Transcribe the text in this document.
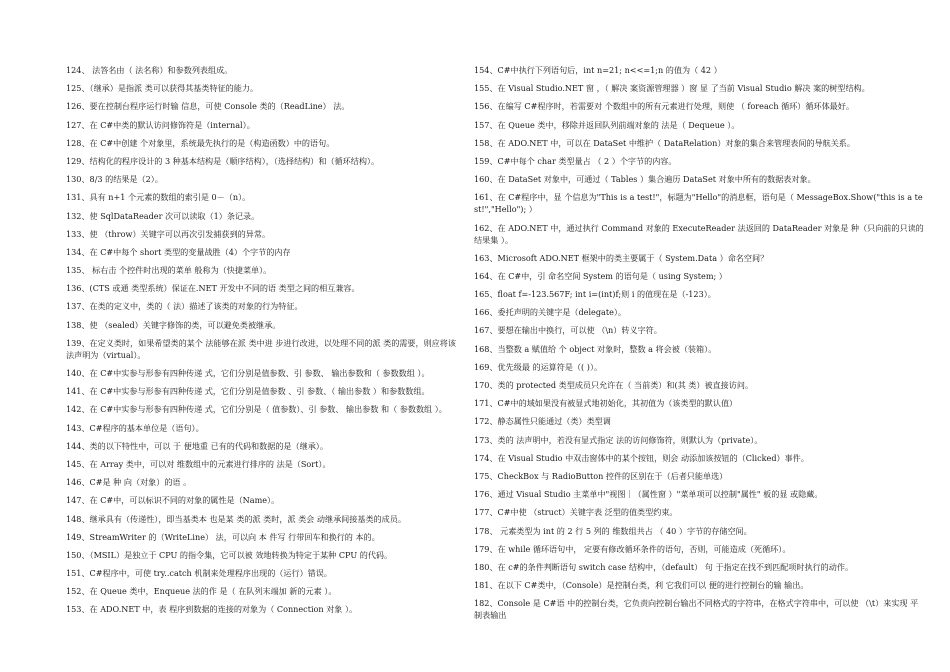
124、 法答名由（ 法名称）和参数列表组成。
125、（继承）是指派 类可以获得其基类特征的能力。
126、要在控制台程序运行时输 信息，可使 Console 类的（ReadLine） 法。
127、在 C#中类的默认访问修饰符是（internal）。
128、在 C#中创建 个对象里，系统最先执行的是（构造函数）中的语句。
129、结构化的程序设计的 3 种基本结构是（顺序结构），（选择结构）和（循环结构）。
130、8/3 的结果是（2）。
131、具有 n+1 个元素的数组的索引是 0－（n）。
132、使 SqlDataReader 次可以读取（1）条记录。
133、使 （throw）关键字可以再次引发捕获到的异常。
134、在 C#中每个 short 类型的变量战胜（4）个字节的内存
135、 标右击 个控件时出现的菜单 般称为（快捷菜单）。
136、(CTS 或通 类型系统）保证在.NET 开发中不同的语 类型之间的相互兼容。
137、在类的定义中，类的（ 法）描述了该类的对象的行为特征。
138、使 （sealed）关键字修饰的类，可以避免类被继承。
139、在定义类时，如果希望类的某个 法能够在派 类中进 步进行改进，以处理不同的派 类的需要，则应将该 法声明为（virtual）。
140、在 C#中实参与形参有四种传递 式，它们分别是值参数、引 参数、 输出参数和（ 参数数组 ）。
141、在 C#中实参与形参有四种传递 式，它们分别是值参数 、引 参数、（ 输出参数 ）和参数数组。
142、在 C#中实参与形参有四种传递 式，它们分别是（ 值参数）、引 参数、 输出参数 和（ 参数数组 ）。
143、C#程序的基本单位是（语句）。
144、类的以下特性中，可以 于 便地重 已有的代码和数据的是（继承）。
145、在 Array 类中，可以对 维数组中的元素进行排序的 法是（Sort）。
146、C#是 种 向（对象）的语 。
147、在 C#中，可以标识不同的对象的属性是（Name）。
148、继承具有（传递性），即当基类本 也是某 类的派 类时，派 类会 动继承间接基类的成员。
149、StreamWriter 的（WriteLine） 法，可以向 本 件写 行带回车和换行的 本的。
150、（MSIL）是独立于 CPU 的指令集，它可以被 效地转换为特定于某种 CPU 的代码。
151、C#程序中，可使 try..catch 机制来处理程序出现的（运行）错误。
152、在 Queue 类中，Enqueue 法的作 是（ 在队列末端加 新的元素 ）。
153、在 ADO.NET 中，表 程序到数据的连接的对象为（ Connection 对象 ）。
154、C#中执行下列语句后，int n=21; n<<=1;n 的值为（ 42 ）
155、在 Visual Studio.NET 窗 ，（ 解决 案资源管理器 ）窗 显 了当前 Visual Studio 解决 案的树型结构。
156、在编写 C#程序时，若需要对 个数组中的所有元素进行处理，则使 （ foreach 循环）循环体最好。
157、在 Queue 类中，移除并返回队列前端对象的 法是（ Dequeue ）。
158、在 ADO.NET 中，可以在 DataSet 中维护（ DataRelation）对象的集合来管理表间的导航关系。
159、C#中每个 char 类型量占 （ 2 ）个字节的内容。
160、在 DataSet 对象中，可通过（ Tables ）集合遍历 DataSet 对象中所有的数据表对象。
161、在 C#程序中，显 个信息为"This is a test!"，标题为"Hello"的消息框，语句是（ MessageBox.Show("this is a test!","Hello"); ）
162、在 ADO.NET 中，通过执行 Command 对象的 ExecuteReader 法返回的 DataReader 对象是 种（只向前的只读的结果集 ）。
163、Microsoft ADO.NET 框架中的类主要属于（ System.Data ）命名空间？
164、在 C#中，引 命名空间 System 的语句是（ using System; ）
165、float f=-123.567F; int i=(int)f;则 i 的值现在是（-123）。
166、委托声明的关键字是（delegate）。
167、要想在输出中换行，可以使 （\n）转义字符。
168、当整数 a 赋值给 个 object 对象时，整数 a 将会被（装箱）。
169、优先级最 的运算符是（( )）。
170、类的 protected 类型成员只允许在（ 当前类）和(其 类）被直接访问。
171、C#中的域如果没有被显式地初始化，其初值为（该类型的默认值）
172、静态属性只能通过（类）类型调
173、类的 法声明中，若没有显式指定 法的访问修饰符，则默认为（private）。
174、在 Visual Studio 中双击窗体中的某个按钮，则会 动添加该按钮的（Clicked）事件。
175、CheckBox 与 RadioButton 控件的区别在于（后者只能单选）
176、通过 Visual Studio 主菜单中"视图｜（属性窗 ）"菜单项可以控制"属性" 板的显 或隐藏。
177、C#中使 （struct）关键字表 泛型的值类型约束。
178、 元素类型为 int 的 2 行 5 列的 维数组共占 （ 40 ）字节的存储空间。
179、在 while 循环语句中， 定要有修改循环条件的语句，否则，可能造成（死循环）。
180、在 c#的条件判断语句 switch case 结构中，（default） 句 于指定在找不到匹配项时执行的动作。
181、在以下 C#类中，（Console）是控制台类，利 它我们可以 便的进行控制台的输 输出。
182、Console 是 C#语 中的控制台类，它负责向控制台输出不同格式的字符串，在格式字符串中，可以使 （\t）来实现 平制表输出
